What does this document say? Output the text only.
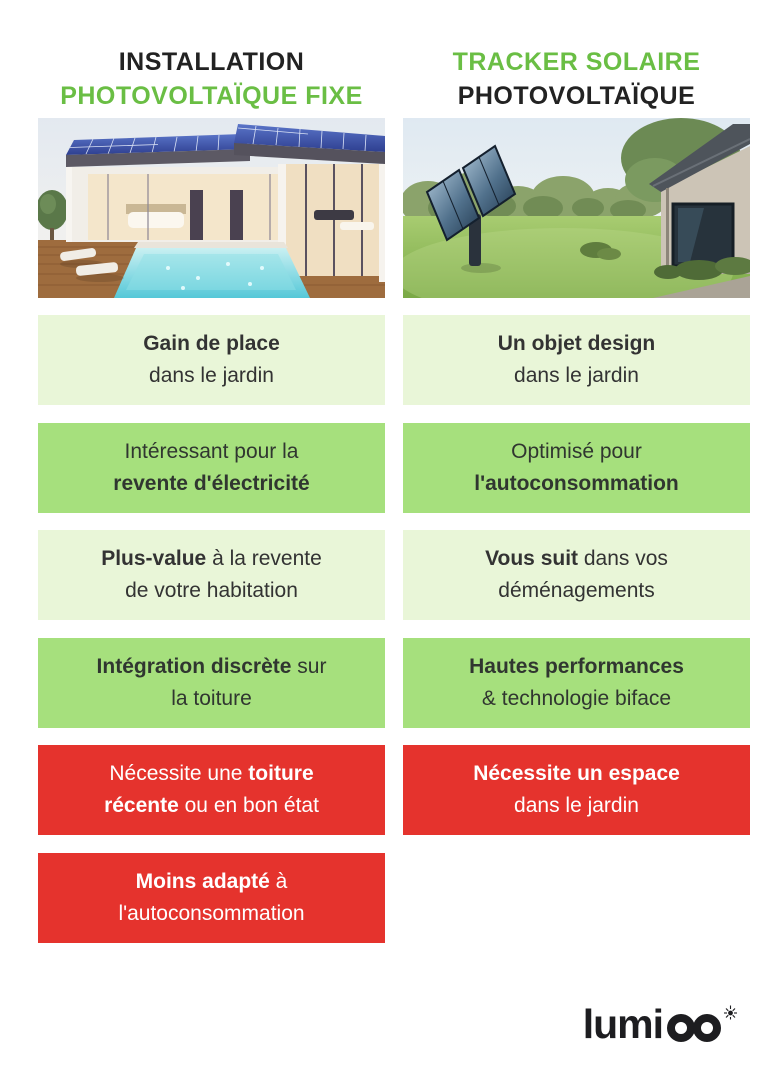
INSTALLATION
PHOTOVOLTAÏQUE FIXE
Gain de place
dans le jardin
Intéressant pour la
revente d'électricité
Plus-value à la revente
de votre habitation
Intégration discrète sur
la toiture
Nécessite une toiture
récente ou en bon état
Moins adapté à
l'autoconsommation
TRACKER SOLAIRE
PHOTOVOLTAÏQUE
Un objet design
dans le jardin
Optimisé pour
l'autoconsommation
Vous suit dans vos
déménagements
Hautes performances
& technologie biface
Nécessite un espace
dans le jardin
lumi
